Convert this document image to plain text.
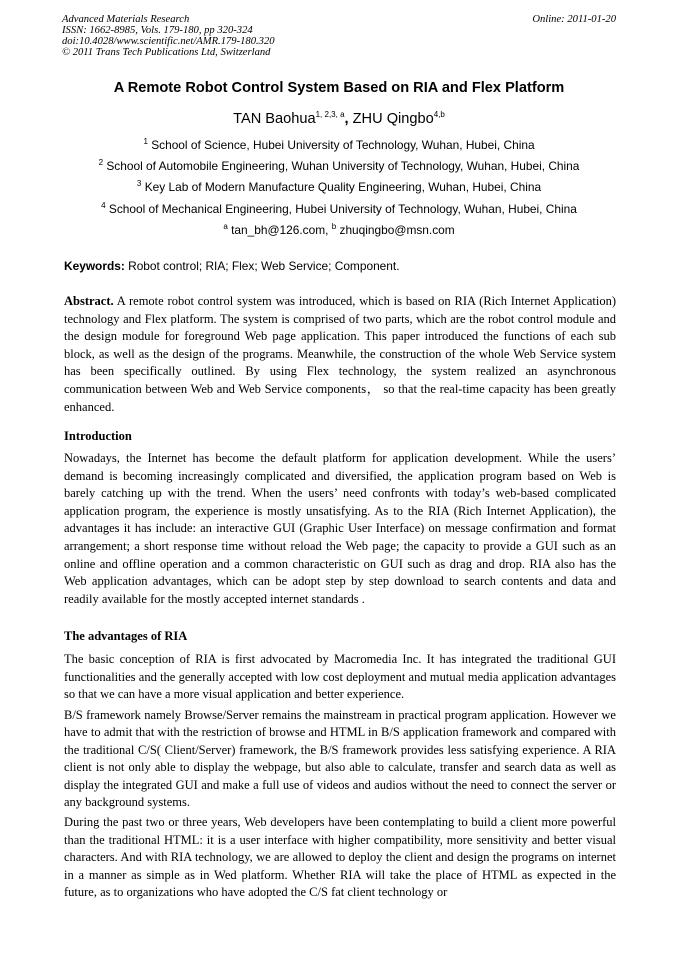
Advanced Materials Research
ISSN: 1662-8985, Vols. 179-180, pp 320-324
doi:10.4028/www.scientific.net/AMR.179-180.320
© 2011 Trans Tech Publications Ltd, Switzerland
Online: 2011-01-20
A Remote Robot Control System Based on RIA and Flex Platform
TAN Baohua$^{1, 2,3, a}$, ZHU Qingbo$^{4,b}$
$^1$ School of Science, Hubei University of Technology, Wuhan, Hubei, China
$^2$ School of Automobile Engineering, Wuhan University of Technology, Wuhan, Hubei, China
$^3$ Key Lab of Modern Manufacture Quality Engineering, Wuhan, Hubei, China
$^4$ School of Mechanical Engineering, Hubei University of Technology, Wuhan, Hubei, China
$^a$ tan_bh@126.com, $^b$ zhuqingbo@msn.com
Keywords: Robot control; RIA; Flex; Web Service; Component.
Abstract. A remote robot control system was introduced, which is based on RIA (Rich Internet Application) technology and Flex platform. The system is comprised of two parts, which are the robot control module and the design module for foreground Web page application. This paper introduced the functions of each sub block, as well as the design of the programs. Meanwhile, the construction of the whole Web Service system has been specifically outlined. By using Flex technology, the system realized an asynchronous communication between Web and Web Service components， so that the real-time capacity has been greatly enhanced.
Introduction
Nowadays, the Internet has become the default platform for application development. While the users’ demand is becoming increasingly complicated and diversified, the application program based on Web is barely catching up with the trend. When the users’ need confronts with today’s web-based complicated application program, the experience is mostly unsatisfying. As to the RIA (Rich Internet Application), the advantages it has include: an interactive GUI (Graphic User Interface) on message confirmation and format arrangement; a short response time without reload the Web page; the capacity to provide a GUI such as an online and offline operation and a common characteristic on GUI such as drag and drop. RIA also has the Web application advantages, which can be adopt step by step download to search contents and data and readily available for the mostly accepted internet standards .
The advantages of RIA
The basic conception of RIA is first advocated by Macromedia Inc. It has integrated the traditional GUI functionalities and the generally accepted with low cost deployment and mutual media application advantages so that we can have a more visual application and better experience.
B/S framework namely Browse/Server remains the mainstream in practical program application. However we have to admit that with the restriction of browse and HTML in B/S application framework and compared with the traditional C/S( Client/Server) framework, the B/S framework provides less satisfying experience. A RIA client is not only able to display the webpage, but also able to calculate, transfer and search data as well as display the integrated GUI and make a full use of videos and audios without the need to connect the server or any background systems.
During the past two or three years, Web developers have been contemplating to build a client more powerful than the traditional HTML: it is a user interface with higher compatibility, more sensitivity and better visual characters. And with RIA technology, we are allowed to deploy the client and design the programs on internet in a manner as simple as in Wed platform. Whether RIA will take the place of HTML as expected in the future, as to organizations who have adopted the C/S fat client technology or
